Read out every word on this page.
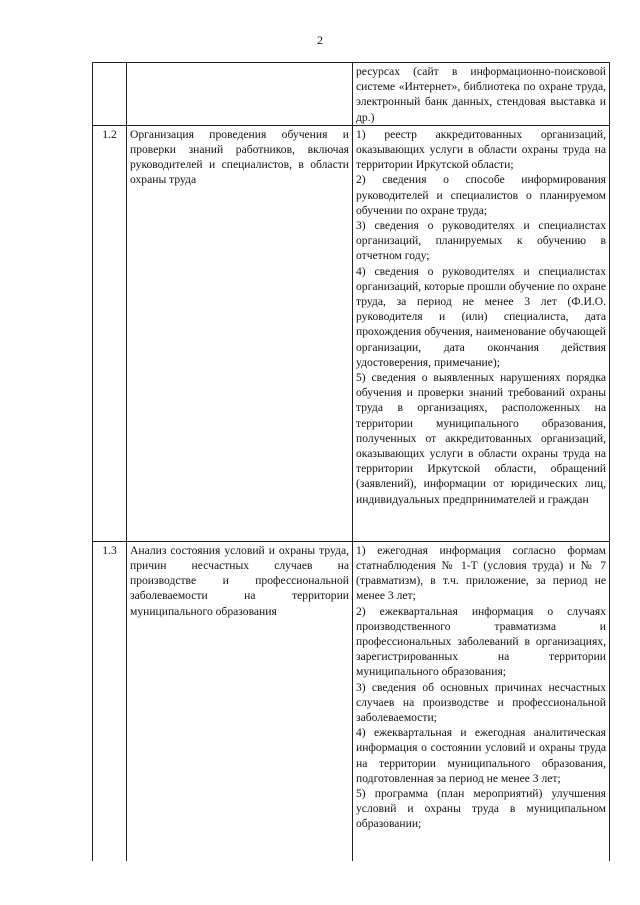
2

		ресурсах (сайт в информационно-поисковой системе «Интернет», библиотека по охране труда, электронный банк данных, стендовая выставка и др.)

1.2	Организация проведения обучения и проверки знаний работников, включая руководителей и специалистов, в области охраны труда	1) реестр аккредитованных организаций, оказывающих услуги в области охраны труда на территории Иркутской области;

2) сведения о способе информирования руководителей и специалистов о планируемом обучении по охране труда;

3) сведения о руководителях и специалистах организаций, планируемых к обучению в отчетном году;

4) сведения о руководителях и специалистах организаций, которые прошли обучение по охране труда, за период не менее 3 лет (Ф.И.О. руководителя и (или) специалиста, дата прохождения обучения, наименование обучающей организации, дата окончания действия удостоверения, примечание);

5) сведения о выявленных нарушениях порядка обучения и проверки знаний требований охраны труда в организациях, расположенных на территории муниципального образования, полученных от аккредитованных организаций, оказывающих услуги в области охраны труда на территории Иркутской области, обращений (заявлений), информации от юридических лиц, индивидуальных предпринимателей и граждан

1.3	Анализ состояния условий и охраны труда, причин несчастных случаев на производстве и профессиональной заболеваемости на территории муниципального образования	1) ежегодная информация согласно формам статнаблюдения № 1-Т (условия труда) и № 7 (травматизм), в т.ч. приложение, за период не менее 3 лет;

2) ежеквартальная информация о случаях производственного травматизма и профессиональных заболеваний в организациях, зарегистрированных на территории муниципального образования;

3) сведения об основных причинах несчастных случаев на производстве и профессиональной заболеваемости;

4) ежеквартальная и ежегодная аналитическая информация о состоянии условий и охраны труда на территории муниципального образования, подготовленная за период не менее 3 лет;

5) программа (план мероприятий) улучшения условий и охраны труда в муниципальном образовании;
